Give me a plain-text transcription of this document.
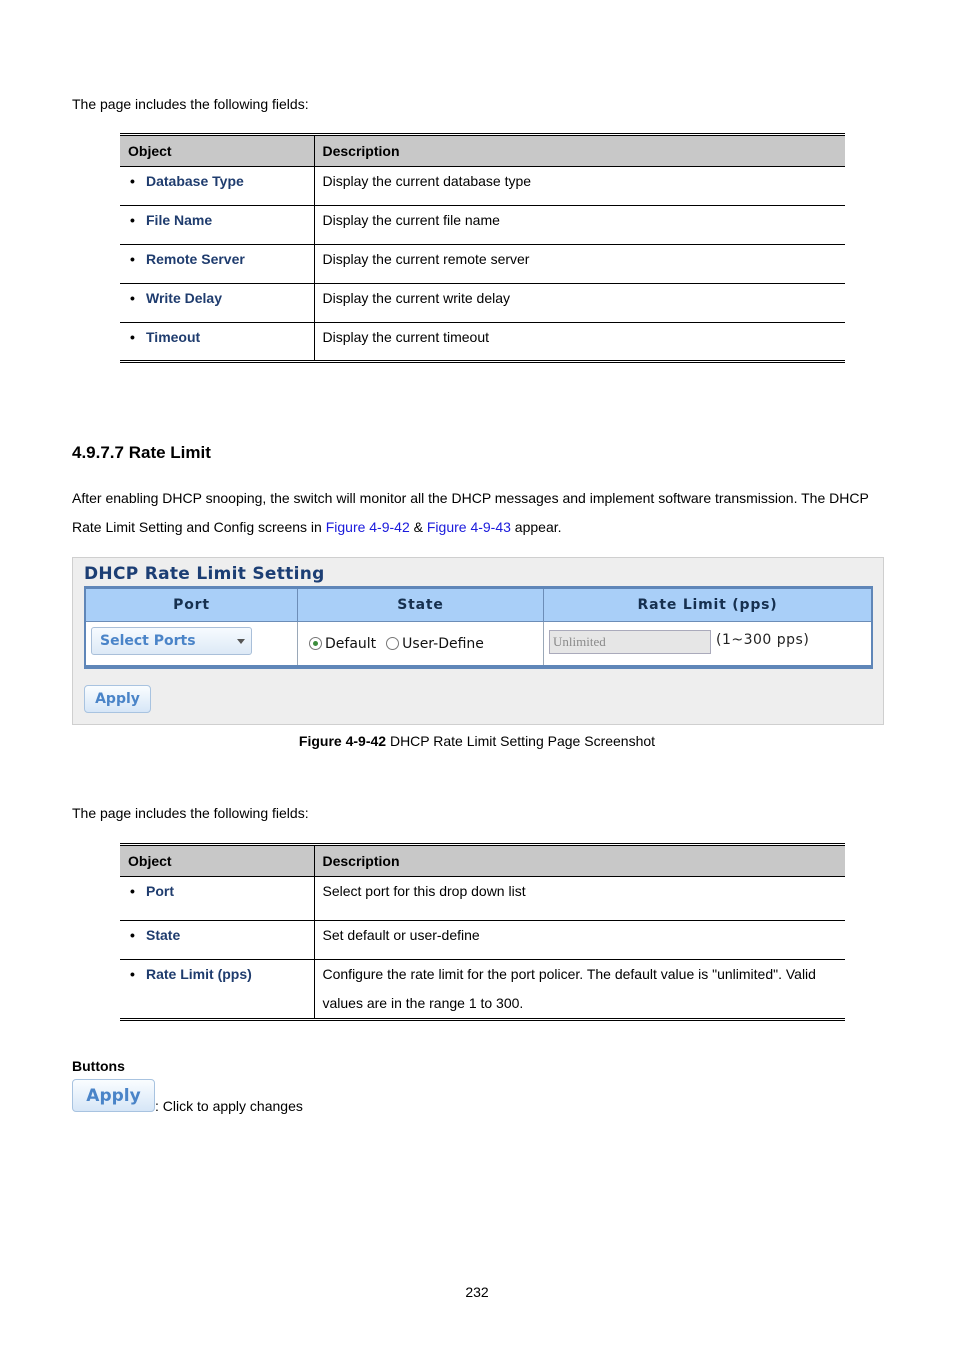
The page includes the following fields:
Object	Description
• Database Type	Display the current database type
• File Name	Display the current file name
• Remote Server	Display the current remote server
• Write Delay	Display the current write delay
• Timeout	Display the current timeout
4.9.7.7 Rate Limit
After enabling DHCP snooping, the switch will monitor all the DHCP messages and implement software transmission. The DHCP Rate Limit Setting and Config screens in Figure 4-9-42 & Figure 4-9-43 appear.
DHCP Rate Limit Setting
Port	State	Rate Limit (pps)
Select Ports	Default User-Define	Unlimited	(1~300 pps)
Apply
Figure 4-9-42 DHCP Rate Limit Setting Page Screenshot
The page includes the following fields:
Object	Description
• Port	Select port for this drop down list
• State	Set default or user-define
• Rate Limit (pps)	Configure the rate limit for the port policer. The default value is "unlimited". Valid values are in the range 1 to 300.
Buttons
Apply
: Click to apply changes
232
